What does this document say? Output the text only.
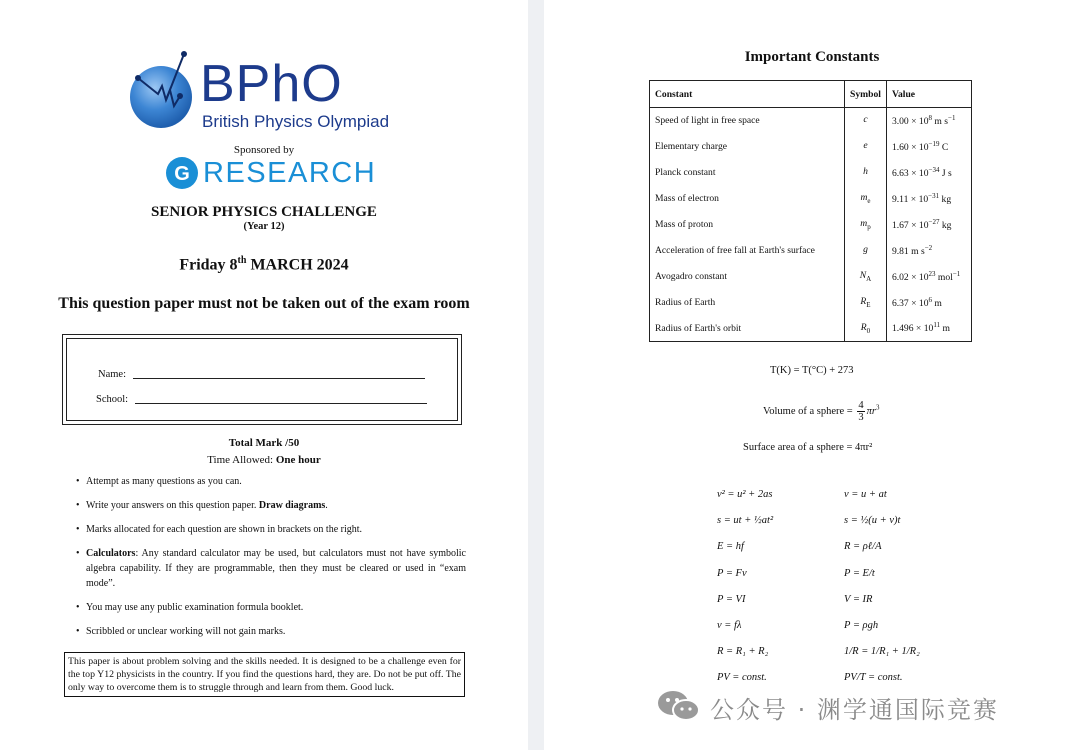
BPhO
British Physics Olympiad
Sponsored by
G RESEARCH
SENIOR PHYSICS CHALLENGE
(Year 12)
Friday 8th MARCH 2024
This question paper must not be taken out of the exam room
Name:
School:
Total Mark /50
Time Allowed: One hour
• Attempt as many questions as you can.
• Write your answers on this question paper. Draw diagrams.
• Marks allocated for each question are shown in brackets on the right.
• Calculators: Any standard calculator may be used, but calculators must not have symbolic algebra capability. If they are programmable, then they must be cleared or used in “exam mode”.
• You may use any public examination formula booklet.
• Scribbled or unclear working will not gain marks.
This paper is about problem solving and the skills needed. It is designed to be a challenge even for the top Y12 physicists in the country. If you find the questions hard, they are. Do not be put off. The only way to overcome them is to struggle through and learn from them. Good luck.
Important Constants
Constant	Symbol	Value
Speed of light in free space	c	$3.00 \times 10^8$ m $s^{-1}$
Elementary charge	e	$1.60 \times 10^{-19}$ C
Planck constant	h	$6.63 \times 10^{-34}$ J s
Mass of electron	$m_e$	$9.11 \times 10^{-31}$ kg
Mass of proton	$m_p$	$1.67 \times 10^{-27}$ kg
Acceleration of free fall at Earth's surface	g	9.81 m $s^{-2}$
Avogadro constant	$N_A$	$6.02 \times 10^{23}$ mol$^{-1}$
Radius of Earth	$R_E$	$6.37 \times 10^6$ m
Radius of Earth's orbit	$R_0$	$1.496 \times 10^{11}$ m
T(K) = T(°C) + 273
Volume of a sphere = 4
$3\pi r^3$
Surface area of a sphere = 4πr²
v² = u² + 2as	v = u + at
s = ut + ½at²	s = ½(u + v)t
E = hf	R = ρℓ/A
P = Fv	P = E/t
P = VI	V = IR
v = fλ	P = ρgh
R = R₁ + R₂	1/R = 1/R₁ + 1/R₂
PV = const.	PV/T = const.
公众号 · 渊学通国际竞赛
